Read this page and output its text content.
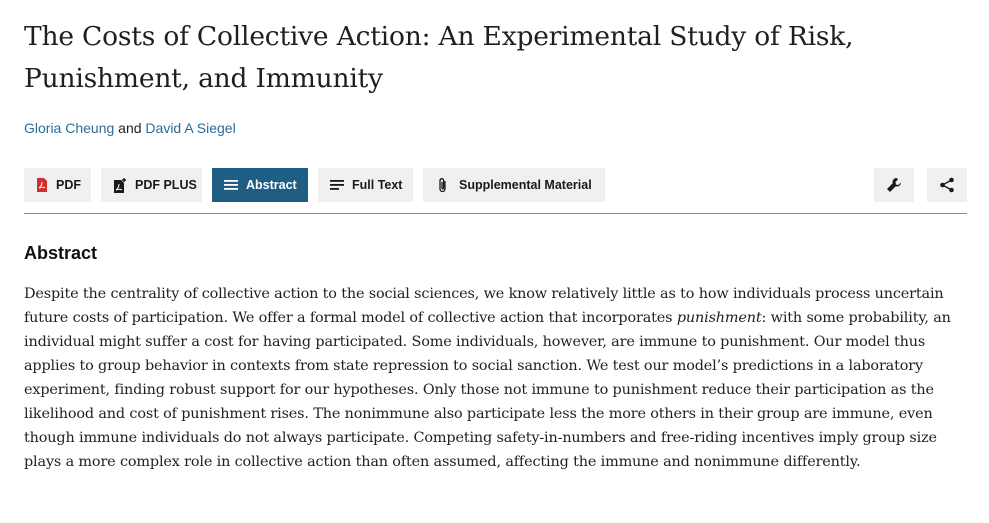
The Costs of Collective Action: An Experimental Study of Risk, Punishment, and Immunity
Gloria Cheung and David A Siegel
PDF	PDF PLUS	Abstract	Full Text	Supplemental Material
Abstract

Despite the centrality of collective action to the social sciences, we know relatively little as to how individuals process uncertain future costs of participation. We offer a formal model of collective action that incorporates punishment: with some probability, an individual might suffer a cost for having participated. Some individuals, however, are immune to punishment. Our model thus applies to group behavior in contexts from state repression to social sanction. We test our model’s predictions in a laboratory experiment, finding robust support for our hypotheses. Only those not immune to punishment reduce their participation as the likelihood and cost of punishment rises. The nonimmune also participate less the more others in their group are immune, even though immune individuals do not always participate. Competing safety-in-numbers and free-riding incentives imply group size plays a more complex role in collective action than often assumed, affecting the immune and nonimmune differently.
